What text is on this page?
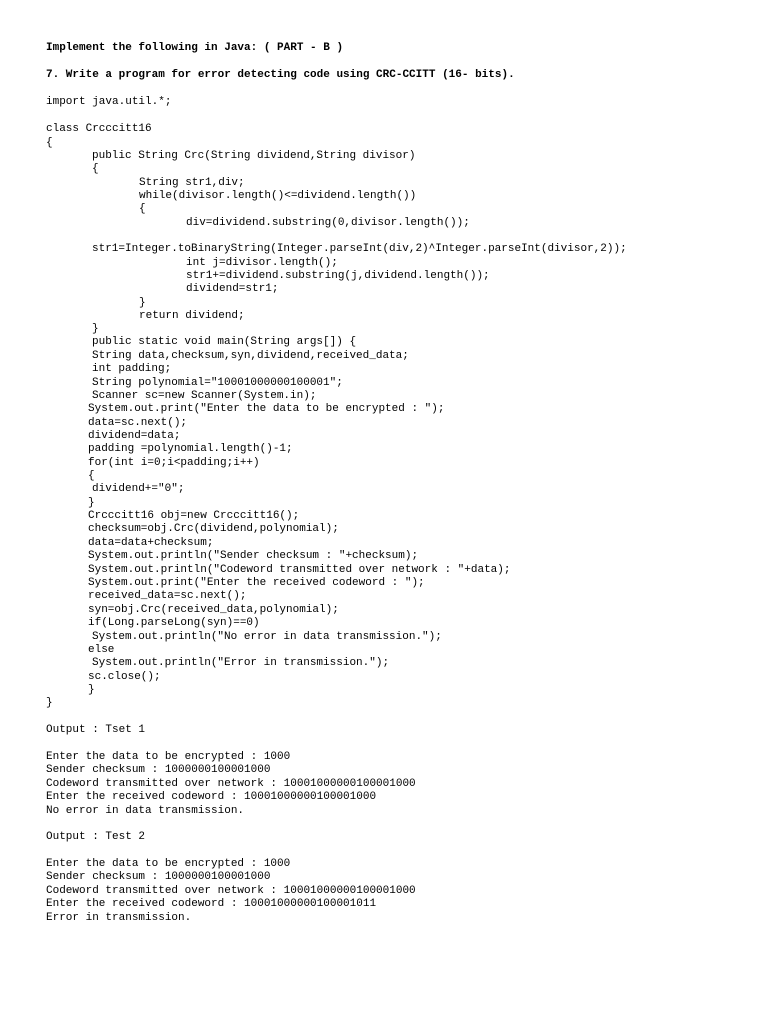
Implement the following in Java: ( PART - B )

7. Write a program for error detecting code using CRC-CCITT (16- bits).

import java.util.*;

class Crcccitt16

{

public String Crc(String dividend,String divisor)

{

String str1,div;

while(divisor.length()<=dividend.length())

{

div=dividend.substring(0,divisor.length());

str1=Integer.toBinaryString(Integer.parseInt(div,2)^Integer.parseInt(divisor,2));

int j=divisor.length();

str1+=dividend.substring(j,dividend.length());

dividend=str1;

}

return dividend;

}

public static void main(String args[]) {

String data,checksum,syn,dividend,received_data;

int padding;

String polynomial="10001000000100001";

Scanner sc=new Scanner(System.in);

System.out.print("Enter the data to be encrypted : ");

data=sc.next();

dividend=data;

padding =polynomial.length()-1;

for(int i=0;i<padding;i++)

{

dividend+="0";

}

Crcccitt16 obj=new Crcccitt16();

checksum=obj.Crc(dividend,polynomial);

data=data+checksum;

System.out.println("Sender checksum : "+checksum);

System.out.println("Codeword transmitted over network : "+data);

System.out.print("Enter the received codeword : ");

received_data=sc.next();

syn=obj.Crc(received_data,polynomial);

if(Long.parseLong(syn)==0)

System.out.println("No error in data transmission.");

else

System.out.println("Error in transmission.");

sc.close();

}

}

Output : Tset 1

Enter the data to be encrypted : 1000

Sender checksum : 1000000100001000

Codeword transmitted over network : 10001000000100001000

Enter the received codeword : 10001000000100001000

No error in data transmission.

Output : Test 2

Enter the data to be encrypted : 1000

Sender checksum : 1000000100001000

Codeword transmitted over network : 10001000000100001000

Enter the received codeword : 10001000000100001011

Error in transmission.
